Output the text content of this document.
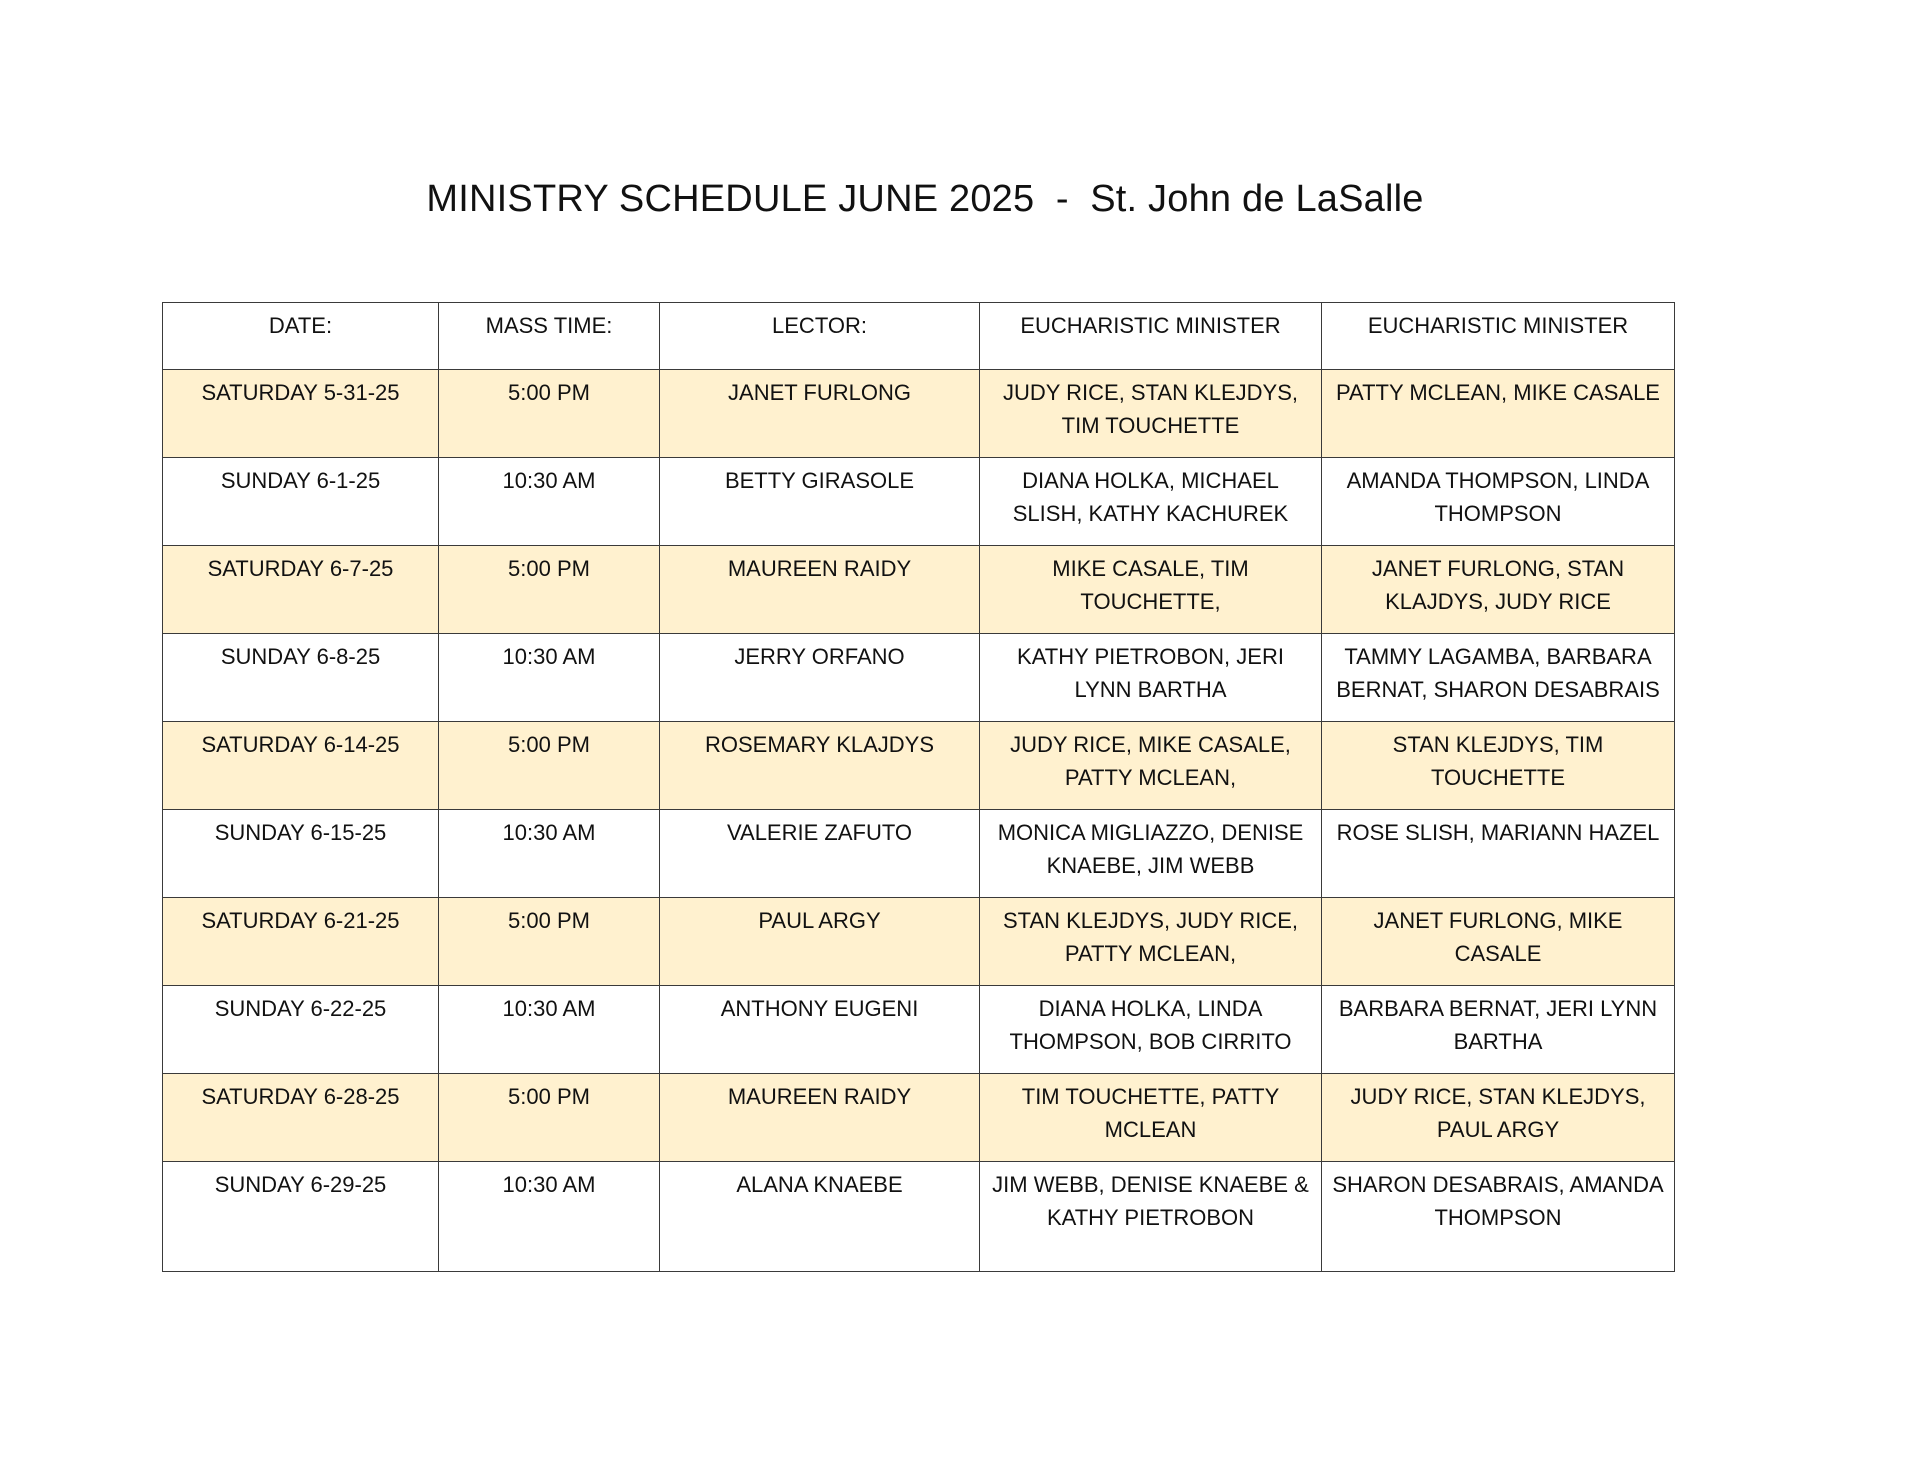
MINISTRY SCHEDULE JUNE 2025  -  St. John de LaSalle
DATE:	MASS TIME:	LECTOR:	EUCHARISTIC MINISTER	EUCHARISTIC MINISTER
SATURDAY 5-31-25	5:00 PM	JANET FURLONG	JUDY RICE, STAN KLEJDYS, TIM TOUCHETTE	PATTY MCLEAN, MIKE CASALE
SUNDAY 6-1-25	10:30 AM	BETTY GIRASOLE	DIANA HOLKA, MICHAEL SLISH, KATHY KACHUREK	AMANDA THOMPSON, LINDA THOMPSON
SATURDAY 6-7-25	5:00 PM	MAUREEN RAIDY	MIKE CASALE, TIM TOUCHETTE,	JANET FURLONG, STAN KLAJDYS, JUDY RICE
SUNDAY 6-8-25	10:30 AM	JERRY ORFANO	KATHY PIETROBON, JERI LYNN BARTHA	TAMMY LAGAMBA, BARBARA BERNAT, SHARON DESABRAIS
SATURDAY 6-14-25	5:00 PM	ROSEMARY KLAJDYS	JUDY RICE, MIKE CASALE, PATTY MCLEAN,	STAN KLEJDYS, TIM TOUCHETTE
SUNDAY 6-15-25	10:30 AM	VALERIE ZAFUTO	MONICA MIGLIAZZO, DENISE KNAEBE, JIM WEBB	ROSE SLISH, MARIANN HAZEL
SATURDAY 6-21-25	5:00 PM	PAUL ARGY	STAN KLEJDYS, JUDY RICE, PATTY MCLEAN,	JANET FURLONG, MIKE CASALE
SUNDAY 6-22-25	10:30 AM	ANTHONY EUGENI	DIANA HOLKA, LINDA THOMPSON, BOB CIRRITO	BARBARA BERNAT, JERI LYNN BARTHA
SATURDAY 6-28-25	5:00 PM	MAUREEN RAIDY	TIM TOUCHETTE, PATTY MCLEAN	JUDY RICE, STAN KLEJDYS, PAUL ARGY
SUNDAY 6-29-25	10:30 AM	ALANA KNAEBE	JIM WEBB, DENISE KNAEBE & KATHY PIETROBON	SHARON DESABRAIS, AMANDA THOMPSON
